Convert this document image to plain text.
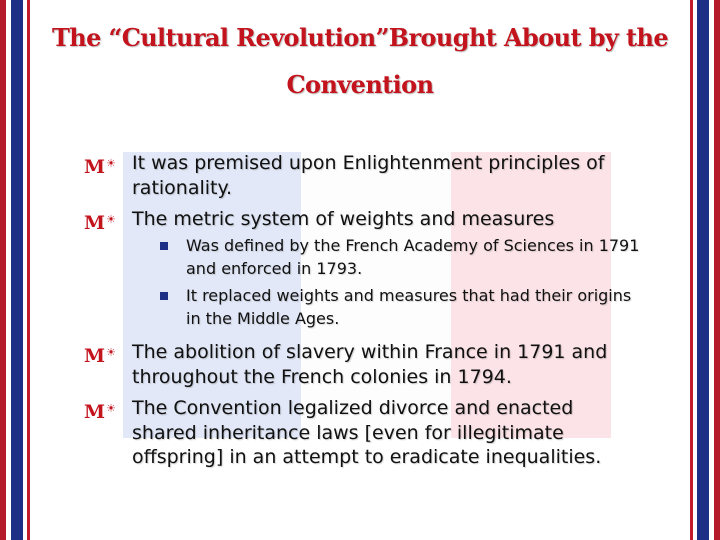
The “Cultural Revolution”Brought About by the
Convention
M☀ It was premised upon Enlightenment principles of rationality.
M☀ The metric system of weights and measures
Was defined by the French Academy of Sciences in 1791 and enforced in 1793.
It replaced weights and measures that had their origins in the Middle Ages.
M☀ The abolition of slavery within France in 1791 and throughout the French colonies in 1794.
M☀ The Convention legalized divorce and enacted shared inheritance laws [even for illegitimate offspring] in an attempt to eradicate inequalities.
